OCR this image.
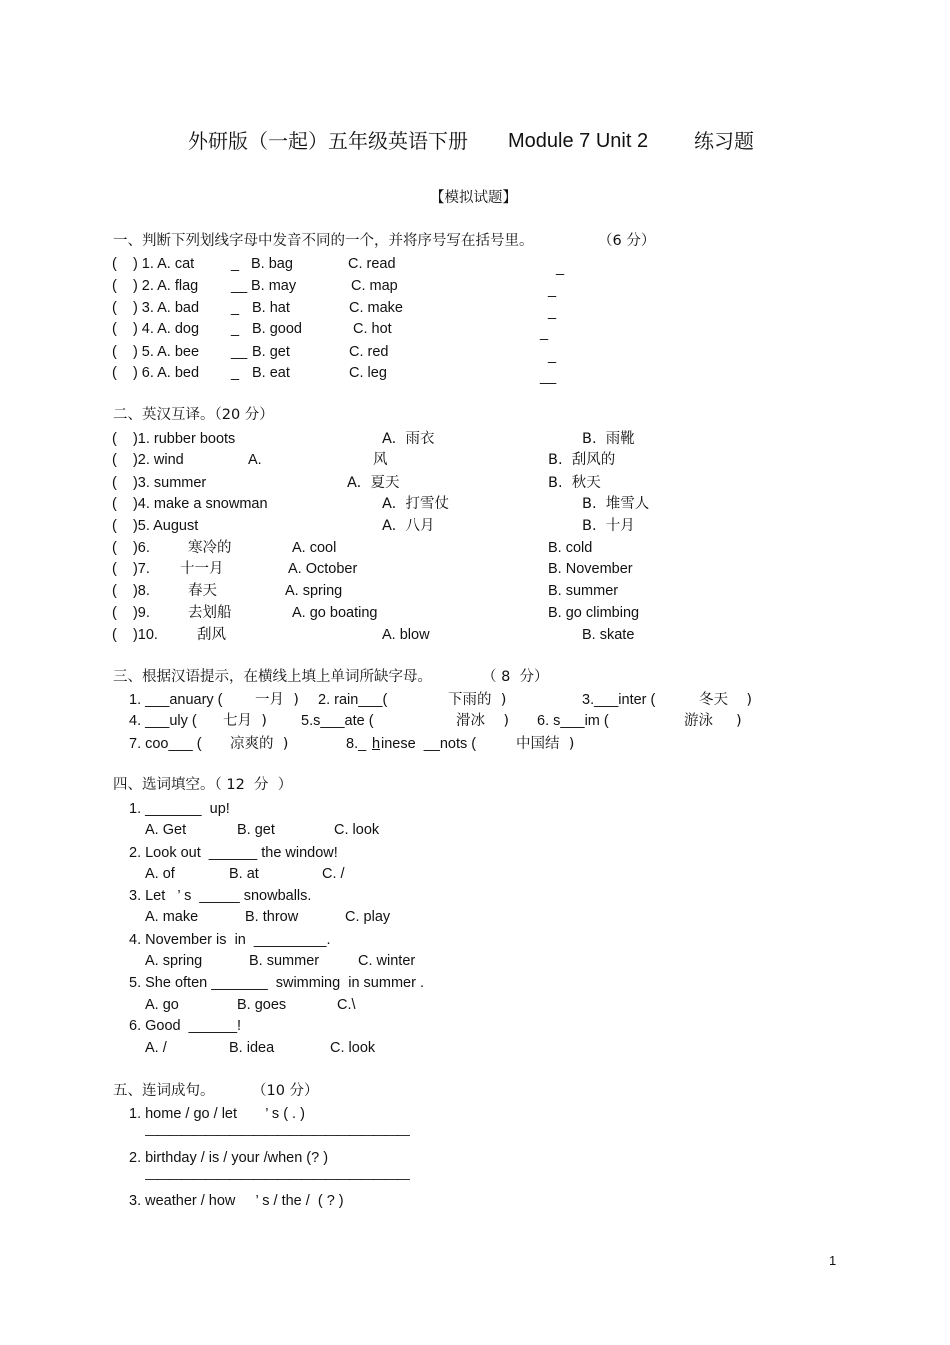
外研版（一起）五年级英语下册 Module 7 Unit 2 练习题
【模拟试题】
一、判断下列划线字母中发音不同的一个，并将序号写在括号里。	（6 分）
(    ) 1. A. cat	_ B. bag	C. read	_
(    ) 2. A. flag __ B. may	C. map	_
(    ) 3. A. bad _ B. hat	C. make	_
(    ) 4. A. dog _ B. good	C. hot	_
(    ) 5. A. bee __ B. get	C. red	_
(    ) 6. A. bed _ B. eat	C. leg	__
二、英汉互译。（20 分）
(    )1. rubber boots	A.  雨衣	B.  雨靴
(    )2. wind	A.	风	B.  刮风的
(    )3. summer	A.  夏天	B.  秋天
(    )4. make a snowman	A.  打雪仗	B.  堆雪人
(    )5. August	A.  八月	B.  十月
(    )6.	寒冷的	A. cool	B. cold
(    )7. 十一月	A. October	B. November
(    )8.	春天	A. spring	B. summer
(    )9.	去划船	A. go boating	B. go climbing
(    )10.	刮风	A. blow	B. skate
三、根据汉语提示，在横线上填上单词所缺字母。	（ 8  分）
1. ___anuary ( 一月  ) 2. rain___(	下雨的  )	3.___inter (	冬天    )
4. ___uly ( 七月  ) 5.s___ate (	滑冰    ) 6. s___im (	游泳     )
7. coo___ ( 凉爽的  )	8._ h inese  __nots (	中国结  )
四、选词填空。（ 12  分  ）
1. _______  up!
A. Get	B. get	C. look
2. Look out  ______ the window!
A. of	B. at	C. /
3. Let   ’ s  _____ snowballs.
A. make	B. throw	C. play
4. November is  in  _________.
A. spring	B. summer	C. winter
5. She often _______  swimming  in summer .
A. go	B. goes	C.\
6. Good  ______!
A. /	B. idea	C. look
五、连词成句。	（10 分）
1. home / go / let       ’ s ( . )
——————————————————————
2. birthday / is / your /when (? )
——————————————————————
3. weather / how     ’ s / the /  ( ? )
1
